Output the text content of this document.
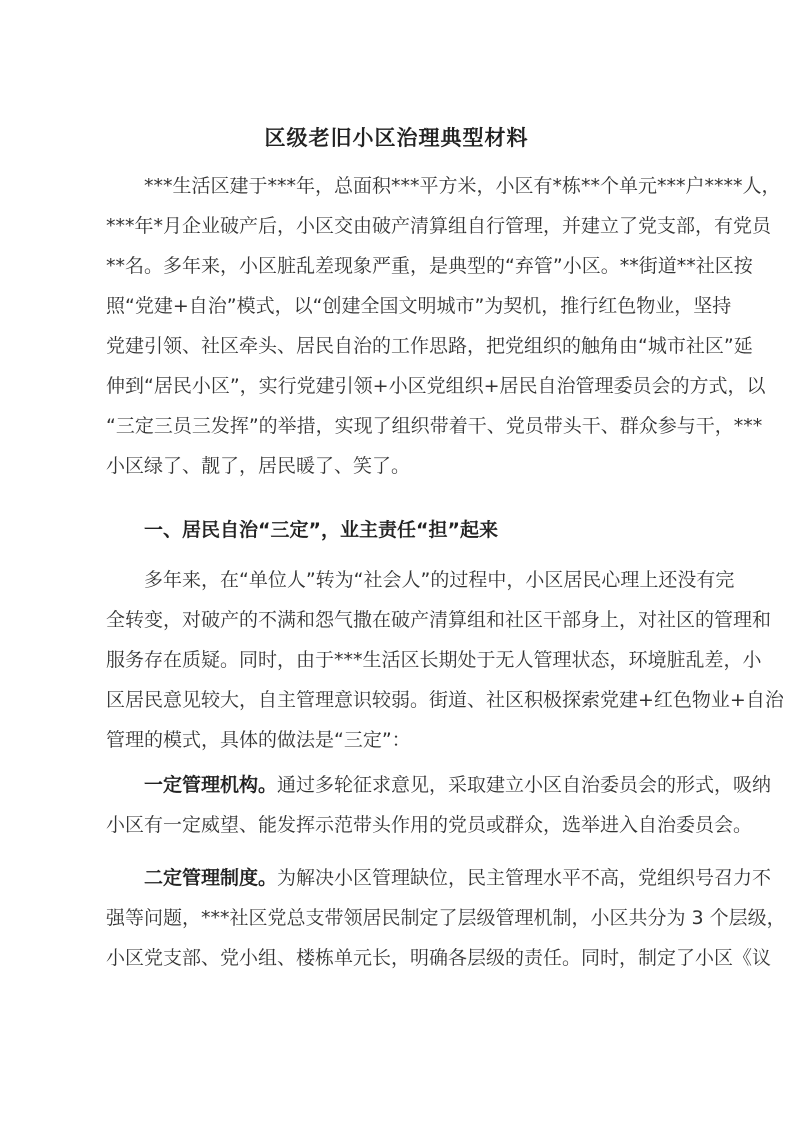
区级老旧小区治理典型材料
　　***生活区建于***年，总面积***平方米，小区有*栋**个单元***户****人，
***年*月企业破产后，小区交由破产清算组自行管理，并建立了党支部，有党员
**名。多年来，小区脏乱差现象严重，是典型的“弃管”小区。**街道**社区按
照“党建+自治”模式，以“创建全国文明城市”为契机，推行红色物业，坚持
党建引领、社区牵头、居民自治的工作思路，把党组织的触角由“城市社区”延
伸到“居民小区”，实行党建引领+小区党组织+居民自治管理委员会的方式，以
“三定三员三发挥”的举措，实现了组织带着干、党员带头干、群众参与干，***
小区绿了、靓了，居民暖了、笑了。
　　一、居民自治“三定”，业主责任“担”起来
　　多年来，在“单位人”转为“社会人”的过程中，小区居民心理上还没有完
全转变，对破产的不满和怨气撒在破产清算组和社区干部身上，对社区的管理和
服务存在质疑。同时，由于***生活区长期处于无人管理状态，环境脏乱差，小
区居民意见较大，自主管理意识较弱。街道、社区积极探索党建+红色物业+自治
管理的模式，具体的做法是“三定”：
　　一定管理机构。通过多轮征求意见，采取建立小区自治委员会的形式，吸纳
小区有一定威望、能发挥示范带头作用的党员或群众，选举进入自治委员会。
　　二定管理制度。为解决小区管理缺位，民主管理水平不高，党组织号召力不
强等问题，***社区党总支带领居民制定了层级管理机制，小区共分为 3 个层级，
小区党支部、党小组、楼栋单元长，明确各层级的责任。同时，制定了小区《议
